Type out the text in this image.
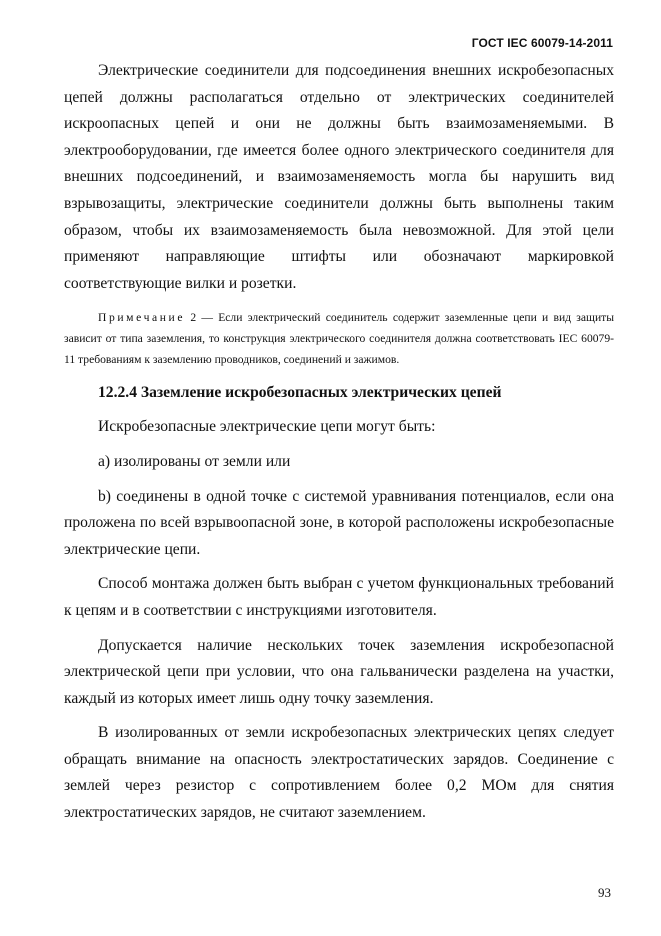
ГОСТ IEC 60079-14-2011

Электрические соединители для подсоединения внешних искробезопасных цепей должны располагаться отдельно от электрических соединителей искроопасных цепей и они не должны быть взаимозаменяемыми. В электрооборудовании, где имеется более одного электрического соединителя для внешних подсоединений, и взаимозаменяемость могла бы нарушить вид взрывозащиты, электрические соединители должны быть выполнены таким образом, чтобы их взаимозаменяемость была невозможной. Для этой цели применяют направляющие штифты или обозначают маркировкой соответствующие вилки и розетки.

Примечание 2 — Если электрический соединитель содержит заземленные цепи и вид защиты зависит от типа заземления, то конструкция электрического соединителя должна соответствовать IEC 60079-11 требованиям к заземлению проводников, соединений и зажимов.

12.2.4 Заземление искробезопасных электрических цепей

Искробезопасные электрические цепи могут быть:

a) изолированы от земли или

b) соединены в одной точке с системой уравнивания потенциалов, если она проложена по всей взрывоопасной зоне, в которой расположены искробезопасные электрические цепи.

Способ монтажа должен быть выбран с учетом функциональных требований к цепям и в соответствии с инструкциями изготовителя.

Допускается наличие нескольких точек заземления искробезопасной электрической цепи при условии, что она гальванически разделена на участки, каждый из которых имеет лишь одну точку заземления.

В изолированных от земли искробезопасных электрических цепях следует обращать внимание на опасность электростатических зарядов. Соединение с землей через резистор с сопротивлением более 0,2 МОм для снятия электростатических зарядов, не считают заземлением.

93
